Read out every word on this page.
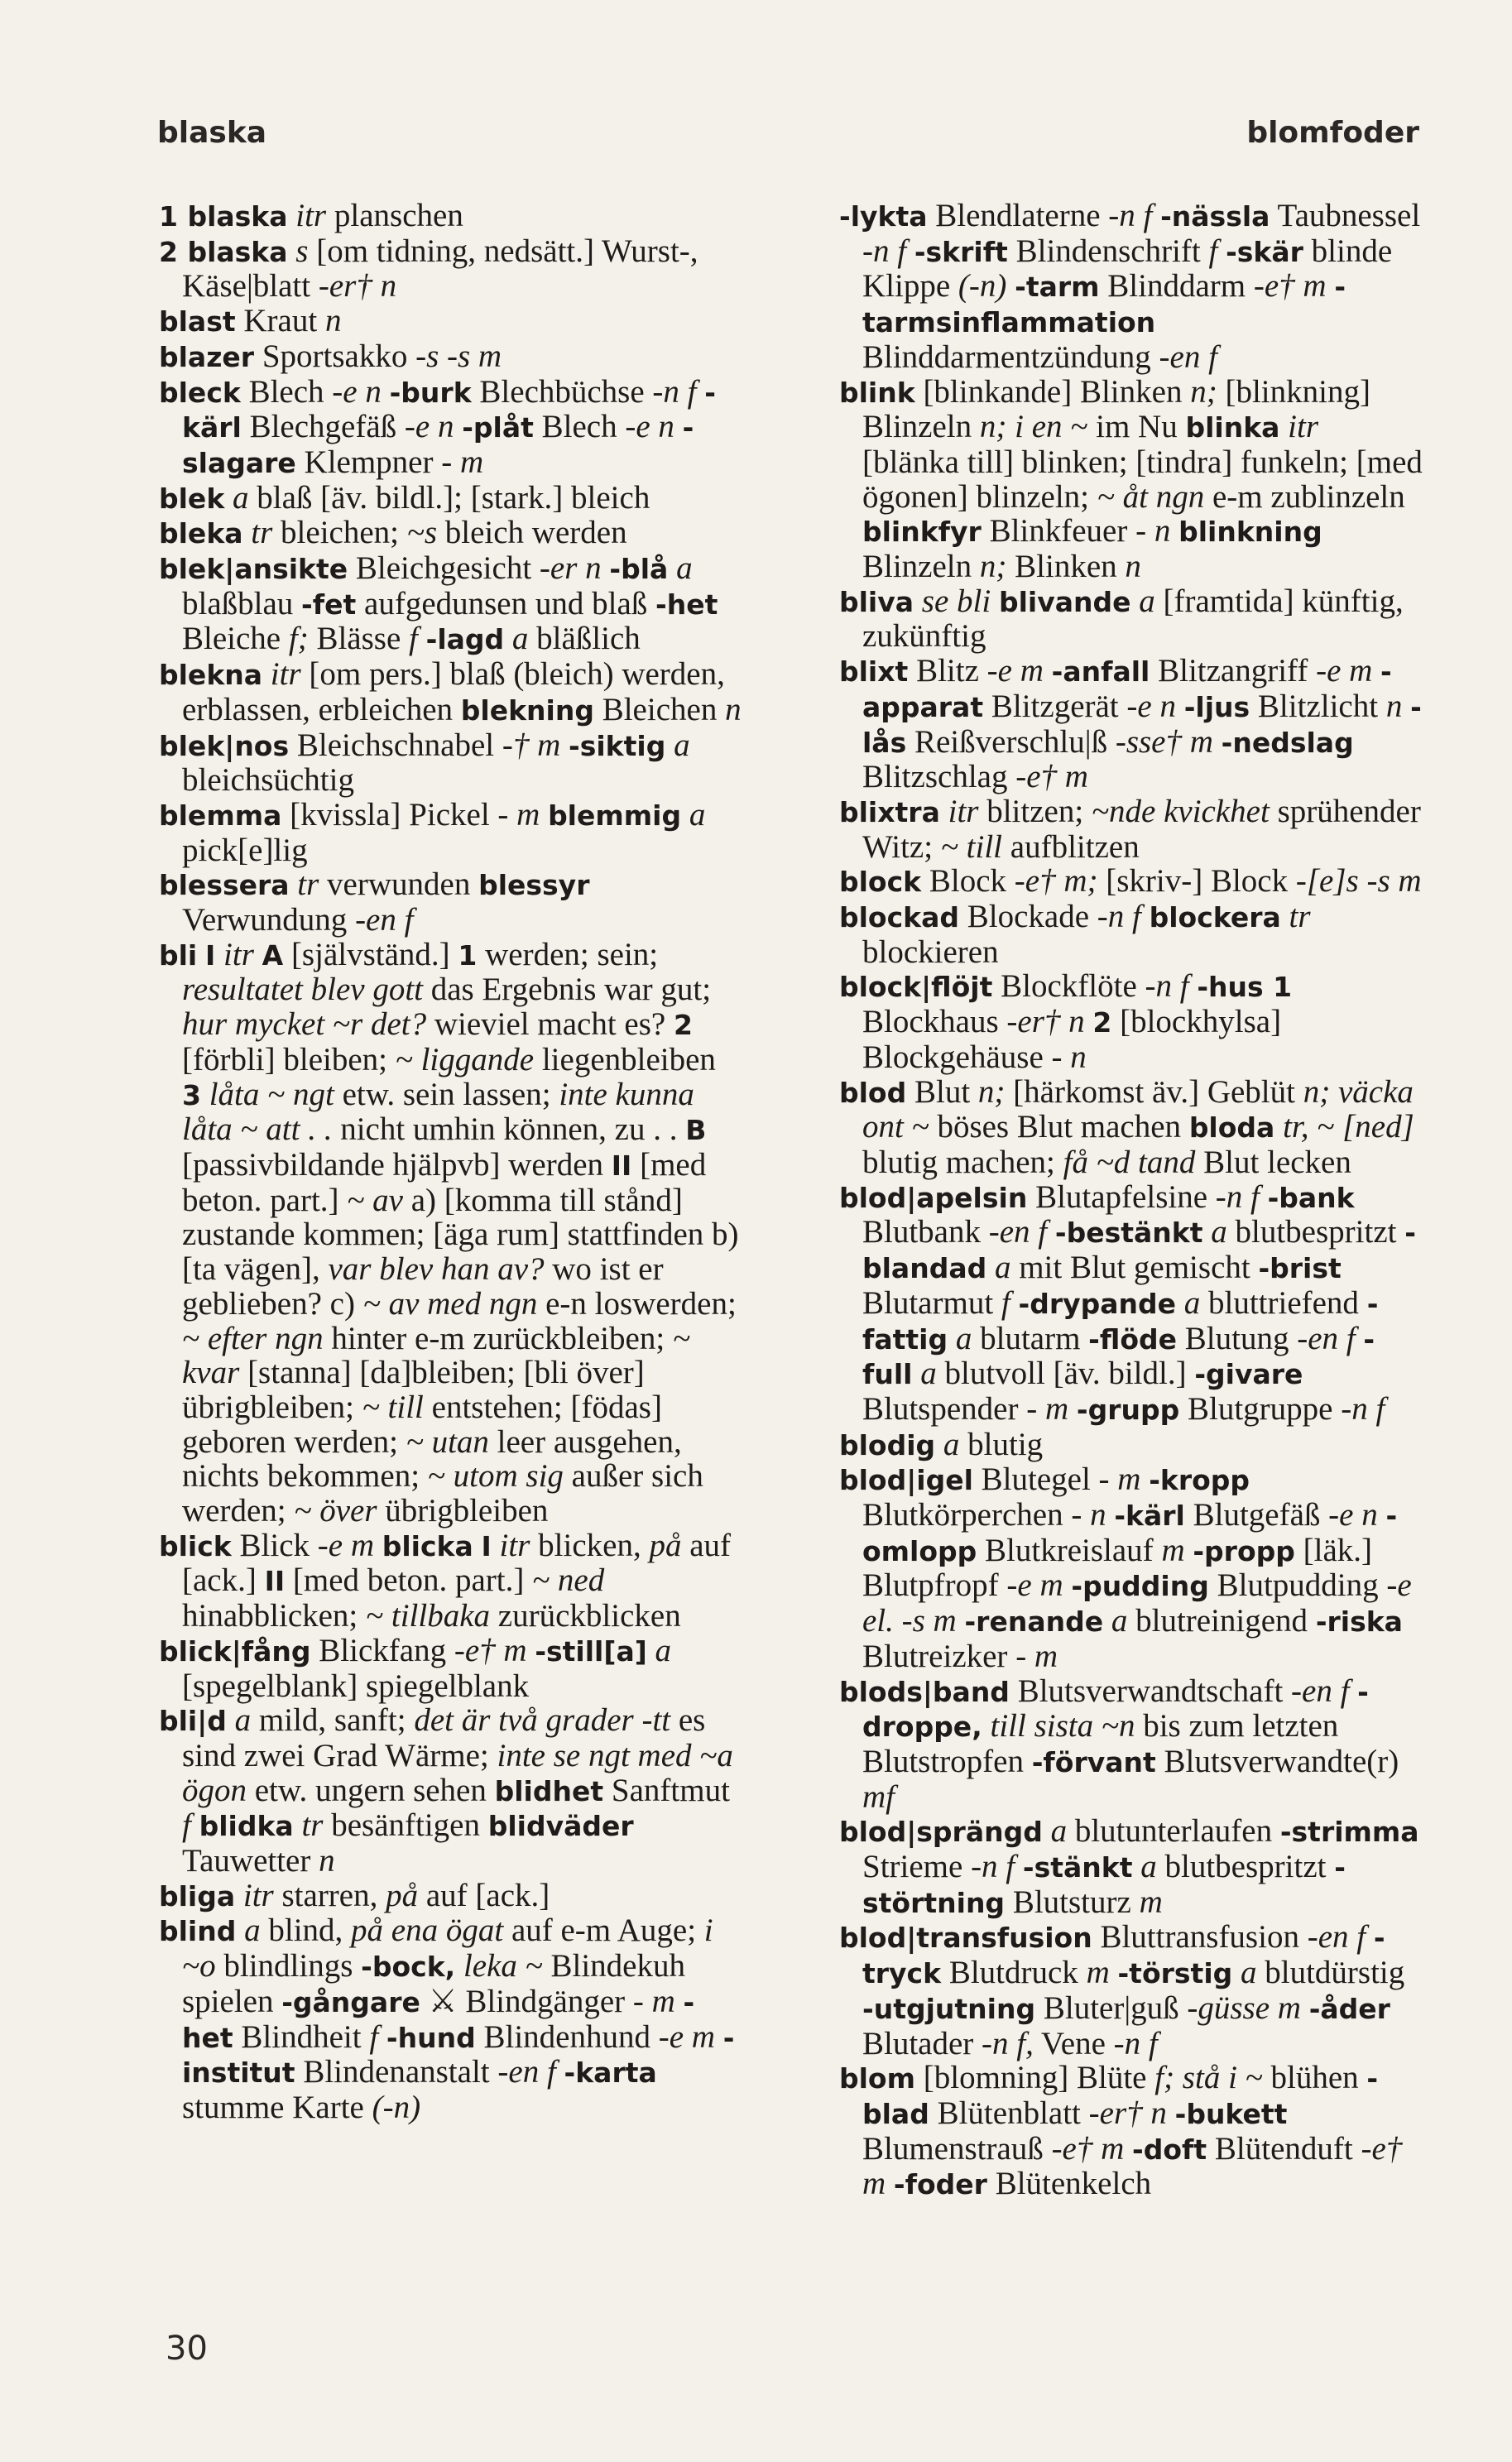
blaska	blomfoder

1 blaska itr planschen

2 blaska s [om tidning, nedsätt.] Wurst-, Käse|blatt -er† n

blast Kraut n

blazer Sportsakko -s -s m

bleck Blech -e n -burk Blechbüchse -n f -kärl Blechgefäß -e n -plåt Blech -e n -slagare Klempner - m

blek a blaß [äv. bildl.]; [stark.] bleich

bleka tr bleichen; ~s bleich werden

blek|ansikte Bleichgesicht -er n -blå a blaßblau -fet aufgedunsen und blaß -het Bleiche f; Blässe f -lagd a bläßlich

blekna itr [om pers.] blaß (bleich) werden, erblassen, erbleichen blekning Bleichen n

blek|nos Bleichschnabel -† m -siktig a bleichsüchtig

blemma [kvissla] Pickel - m blemmig a pick[e]lig

blessera tr verwunden blessyr Verwundung -en f

bli I itr A [självständ.] 1 werden; sein; resultatet blev gott das Ergebnis war gut; hur mycket ~r det? wieviel macht es? 2 [förbli] bleiben; ~ liggande liegenbleiben 3 låta ~ ngt etw. sein lassen; inte kunna låta ~ att . . nicht umhin können, zu . . B [passivbildande hjälpvb] werden II [med beton. part.] ~ av a) [komma till stånd] zustande kommen; [äga rum] stattfinden b) [ta vägen], var blev han av? wo ist er geblieben? c) ~ av med ngn e-n loswerden; ~ efter ngn hinter e-m zurückbleiben; ~ kvar [stanna] [da]bleiben; [bli över] übrigbleiben; ~ till entstehen; [födas] geboren werden; ~ utan leer ausgehen, nichts bekommen; ~ utom sig außer sich werden; ~ över übrigbleiben

blick Blick -e m blicka I itr blicken, på auf [ack.] II [med beton. part.] ~ ned hinabblicken; ~ tillbaka zurückblicken

blick|fång Blickfang -e† m -still[a] a [spegelblank] spiegelblank

bli|d a mild, sanft; det är två grader -tt es sind zwei Grad Wärme; inte se ngt med ~a ögon etw. ungern sehen blidhet Sanftmut f blidka tr besänftigen blidväder Tauwetter n

bliga itr starren, på auf [ack.]

blind a blind, på ena ögat auf e-m Auge; i ~o blindlings -bock, leka ~ Blindekuh spielen -gångare ⚔ Blindgänger - m -het Blindheit f -hund Blindenhund -e m -institut Blindenanstalt -en f -karta stumme Karte (-n)

-lykta Blendlaterne -n f -nässla Taubnessel -n f -skrift Blindenschrift f -skär blinde Klippe (-n) -tarm Blinddarm -e† m -tarmsinflammation Blinddarmentzündung -en f

blink [blinkande] Blinken n; [blinkning] Blinzeln n; i en ~ im Nu blinka itr [blänka till] blinken; [tindra] funkeln; [med ögonen] blinzeln; ~ åt ngn e-m zublinzeln blinkfyr Blinkfeuer - n blinkning Blinzeln n; Blinken n

bliva se bli blivande a [framtida] künftig, zukünftig

blixt Blitz -e m -anfall Blitzangriff -e m -apparat Blitzgerät -e n -ljus Blitzlicht n -lås Reißverschlu|ß -sse† m -nedslag Blitzschlag -e† m

blixtra itr blitzen; ~nde kvickhet sprühender Witz; ~ till aufblitzen

block Block -e† m; [skriv-] Block -[e]s -s m

blockad Blockade -n f blockera tr blockieren

block|flöjt Blockflöte -n f -hus 1 Blockhaus -er† n 2 [blockhylsa] Blockgehäuse - n

blod Blut n; [härkomst äv.] Geblüt n; väcka ont ~ böses Blut machen bloda tr, ~ [ned] blutig machen; få ~d tand Blut lecken

blod|apelsin Blutapfelsine -n f -bank Blutbank -en f -bestänkt a blutbespritzt -blandad a mit Blut gemischt -brist Blutarmut f -drypande a bluttriefend -fattig a blutarm -flöde Blutung -en f -full a blutvoll [äv. bildl.] -givare Blutspender - m -grupp Blutgruppe -n f

blodig a blutig

blod|igel Blutegel - m -kropp Blutkörperchen - n -kärl Blutgefäß -e n -omlopp Blutkreislauf m -propp [läk.] Blutpfropf -e m -pudding Blutpudding -e el. -s m -renande a blutreinigend -riska Blutreizker - m

blods|band Blutsverwandtschaft -en f -droppe, till sista ~n bis zum letzten Blutstropfen -förvant Blutsverwandte(r) mf

blod|sprängd a blutunterlaufen -strimma Strieme -n f -stänkt a blutbespritzt -störtning Blutsturz m

blod|transfusion Bluttransfusion -en f -tryck Blutdruck m -törstig a blutdürstig -utgjutning Bluter|guß -güsse m -åder Blutader -n f, Vene -n f

blom [blomning] Blüte f; stå i ~ blühen -blad Blütenblatt -er† n -bukett Blumenstrauß -e† m -doft Blütenduft -e† m -foder Blütenkelch

30
